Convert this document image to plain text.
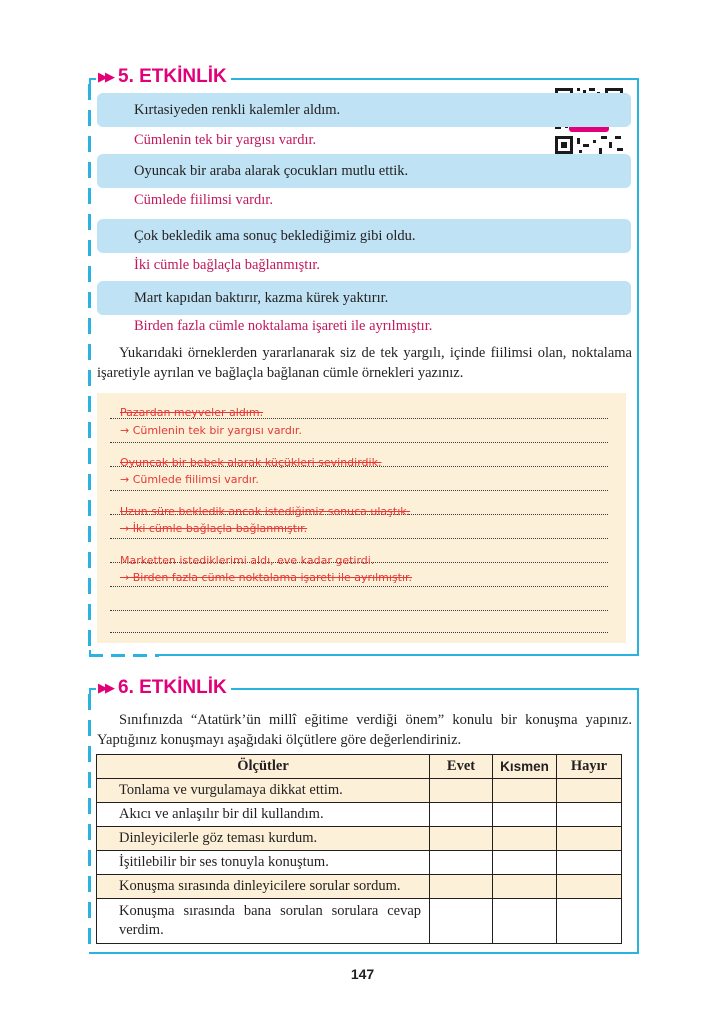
▶▶ 5. ETKİNLİK
Kırtasiyeden renkli kalemler aldım.
Cümlenin tek bir yargısı vardır.
Oyuncak bir araba alarak çocukları mutlu ettik.
Cümlede fiilimsi vardır.
Çok bekledik ama sonuç beklediğimiz gibi oldu.
İki cümle bağlaçla bağlanmıştır.
Mart kapıdan baktırır, kazma kürek yaktırır.
Birden fazla cümle noktalama işareti ile ayrılmıştır.
Yukarıdaki örneklerden yararlanarak siz de tek yargılı, içinde fiilimsi olan, noktalama işaretiyle ayrılan ve bağlaçla bağlanan cümle örnekleri yazınız.
Pazardan meyveler aldım.
→ Cümlenin tek bir yargısı vardır.
Oyuncak bir bebek alarak küçükleri sevindirdik.
→ Cümlede fiilimsi vardır.
Uzun süre bekledik ancak istediğimiz sonuca ulaştık.
→ İki cümle bağlaçla bağlanmıştır.
Marketten istediklerimi aldı, eve kadar getirdi.
→ Birden fazla cümle noktalama işareti ile ayrılmıştır.
▶▶ 6. ETKİNLİK
Sınıfınızda “Atatürk’ün millî eğitime verdiği önem” konulu bir konuşma yapınız. Yaptığınız konuşmayı aşağıdaki ölçütlere göre değerlendiriniz.
Ölçütler	Evet	Kısmen	Hayır
Tonlama ve vurgulamaya dikkat ettim.			
Akıcı ve anlaşılır bir dil kullandım.			
Dinleyicilerle göz teması kurdum.			
İşitilebilir bir ses tonuyla konuştum.			
Konuşma sırasında dinleyicilere sorular sordum.			
Konuşma sırasında bana sorulan sorulara cevap verdim.			
147
